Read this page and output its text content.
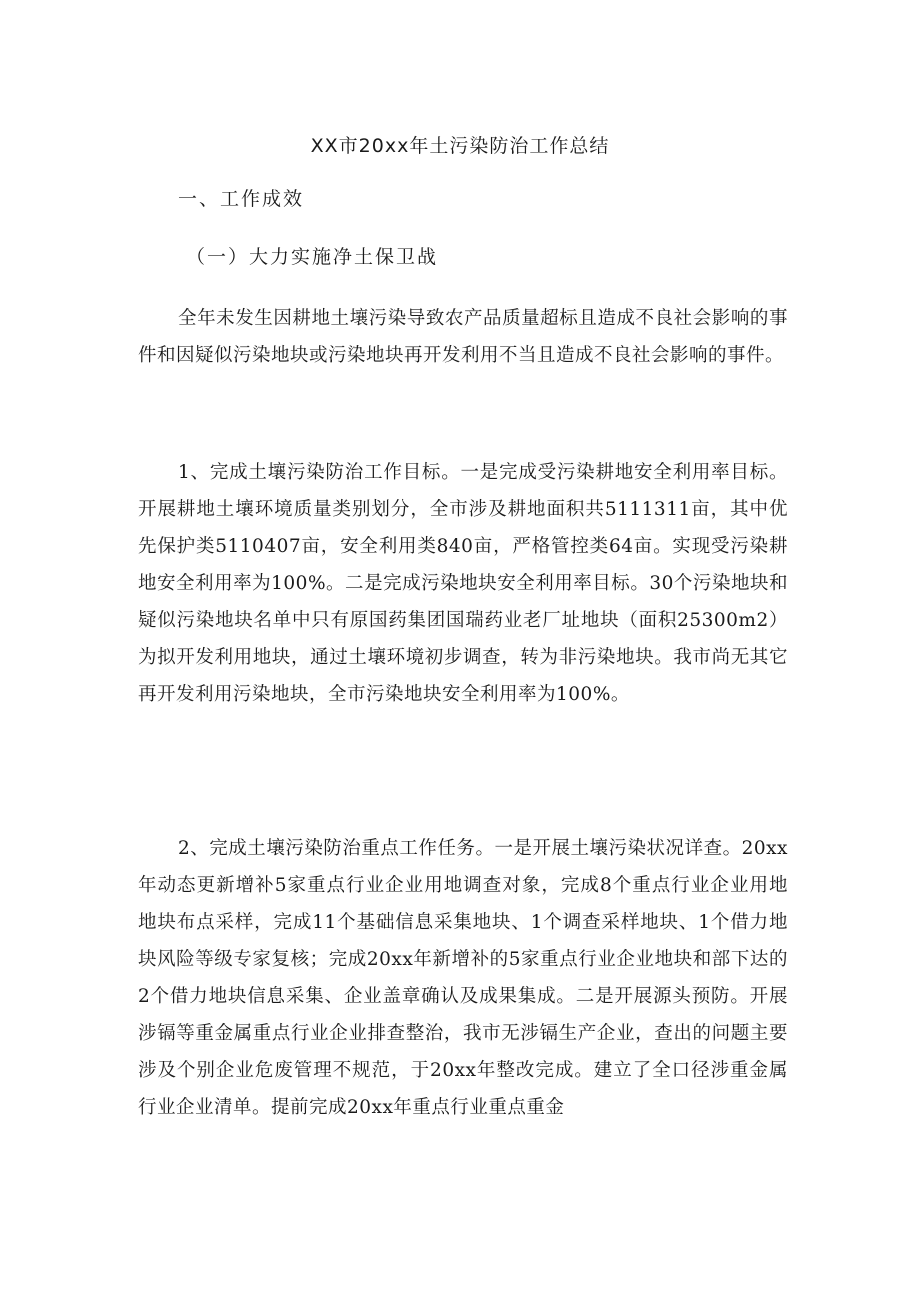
XX市20xx年土污染防治工作总结
一、工作成效
（一）大力实施净土保卫战

全年未发生因耕地土壤污染导致农产品质量超标且造成不良社会影响的事件和因疑似污染地块或污染地块再开发利用不当且造成不良社会影响的事件。

1、完成土壤污染防治工作目标。一是完成受污染耕地安全利用率目标。开展耕地土壤环境质量类别划分，全市涉及耕地面积共5111311亩，其中优先保护类5110407亩，安全利用类840亩，严格管控类64亩。实现受污染耕地安全利用率为100%。二是完成污染地块安全利用率目标。30个污染地块和疑似污染地块名单中只有原国药集团国瑞药业老厂址地块（面积25300m2）为拟开发利用地块，通过土壤环境初步调查，转为非污染地块。我市尚无其它再开发利用污染地块，全市污染地块安全利用率为100%。

2、完成土壤污染防治重点工作任务。一是开展土壤污染状况详查。20xx年动态更新增补5家重点行业企业用地调查对象，完成8个重点行业企业用地地块布点采样，完成11个基础信息采集地块、1个调查采样地块、1个借力地块风险等级专家复核；完成20xx年新增补的5家重点行业企业地块和部下达的2个借力地块信息采集、企业盖章确认及成果集成。二是开展源头预防。开展涉镉等重金属重点行业企业排查整治，我市无涉镉生产企业，查出的问题主要涉及个别企业危废管理不规范，于20xx年整改完成。建立了全口径涉重金属行业企业清单。提前完成20xx年重点行业重点重金
